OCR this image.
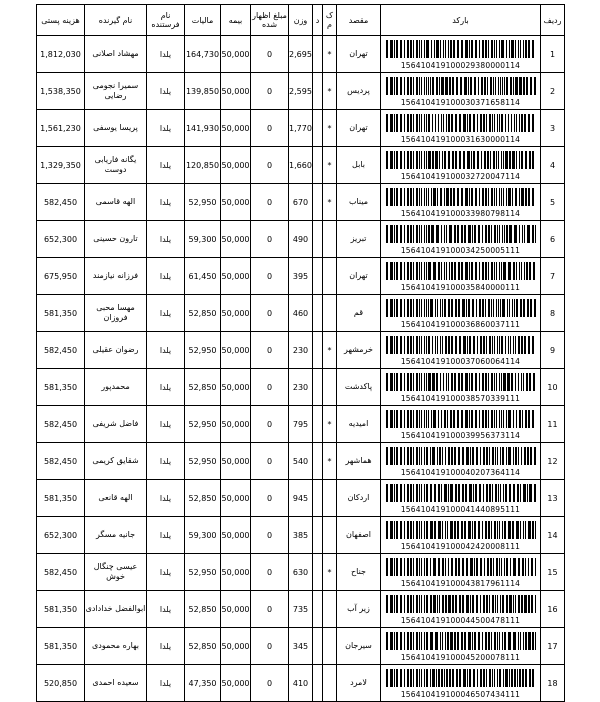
ردیف	بارکد	مقصد	ک م	د	وزن	مبلغ اظهار شده	بیمه	مالیات	نام فرستنده	نام گیرنده	هزینه پستی
1	156410419100029380000114	تهران	*		2,695	0	50,000	164,730	یلدا	مهشاد اصلانی	1,812,030
2	156410419100030371658114	پردیس	*		2,595	0	50,000	139,850	یلدا	سمیرا نجومی رضایی	1,538,350
3	156410419100031630000114	تهران	*		1,770	0	50,000	141,930	یلدا	پریسا یوسفی	1,561,230
4	156410419100032720047114	بابل	*		1,660	0	50,000	120,850	یلدا	یگانه فاریابی دوست	1,329,350
5	156410419100033980798114	میناب	*		670	0	50,000	52,950	یلدا	الهه قاسمی	582,450
6	156410419100034250005111	تبریز			490	0	50,000	59,300	یلدا	تارون حسینی	652,300
7	156410419100035840000111	تهران			395	0	50,000	61,450	یلدا	فرزانه نیازمند	675,950
8	156410419100036860037111	قم			460	0	50,000	52,850	یلدا	مهسا محبی فروزان	581,350
9	156410419100037060064114	خرمشهر	*		230	0	50,000	52,950	یلدا	رضوان عقیلی	582,450
10	156410419100038570339111	پاکدشت			230	0	50,000	52,850	یلدا	محمدپور	581,350
11	156410419100039956373114	امیدیه	*		795	0	50,000	52,950	یلدا	فاضل شریفی	582,450
12	156410419100040207364114	هماشهر	*		540	0	50,000	52,950	یلدا	شقایق کریمی	582,450
13	156410419100041440895111	اردکان			945	0	50,000	52,850	یلدا	الهه قانعی	581,350
14	156410419100042420008111	اصفهان			385	0	50,000	59,300	یلدا	جانیه مسگر	652,300
15	156410419100043817961114	جناح	*		630	0	50,000	52,950	یلدا	عیسی چنگال خوش	582,450
16	156410419100044500478111	زیر آب			735	0	50,000	52,850	یلدا	ابوالفضل خدادادی	581,350
17	156410419100045200078111	سیرجان			345	0	50,000	52,850	یلدا	بهاره محمودی	581,350
18	156410419100046507434111	لامرد			410	0	50,000	47,350	یلدا	سعیده احمدی	520,850
